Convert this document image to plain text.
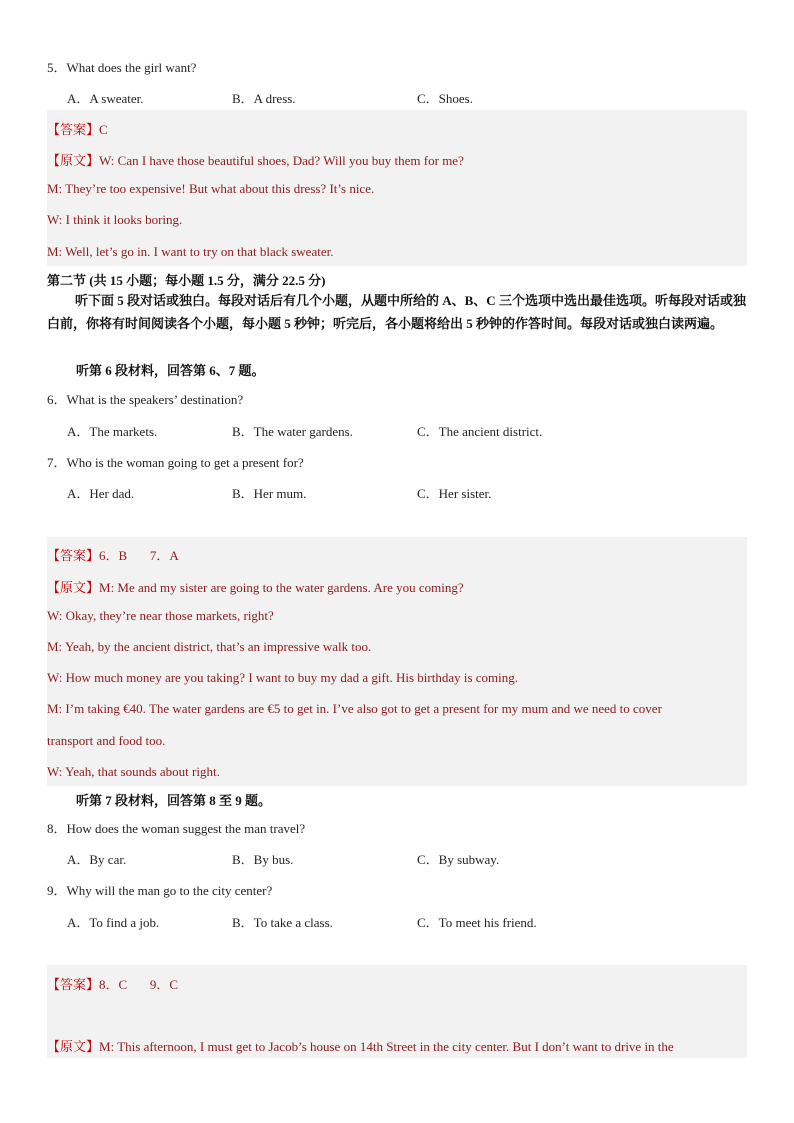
5．What does the girl want?
A．A sweater.	B．A dress.	C．Shoes.
【答案】C
【原文】W: Can I have those beautiful shoes, Dad? Will you buy them for me?
M: They’re too expensive! But what about this dress? It’s nice.
W: I think it looks boring.
M: Well, let’s go in. I want to try on that black sweater.
第二节 (共 15 小题；每小题 1.5 分，满分 22.5 分)
听下面 5 段对话或独白。每段对话后有几个小题，从题中所给的 A、B、C 三个选项中选出最佳选项。听每段对话或独白前，你将有时间阅读各个小题，每小题 5 秒钟；听完后，各小题将给出 5 秒钟的作答时间。每段对话或独白读两遍。
听第 6 段材料，回答第 6、7 题。
6．What is the speakers’ destination?
A．The markets.	B．The water gardens.	C．The ancient district.
7．Who is the woman going to get a present for?
A．Her dad.	B．Her mum.	C．Her sister.
【答案】6．B       7．A
【原文】M: Me and my sister are going to the water gardens. Are you coming?
W: Okay, they’re near those markets, right?
M: Yeah, by the ancient district, that’s an impressive walk too.
W: How much money are you taking? I want to buy my dad a gift. His birthday is coming.
M: I’m taking €40. The water gardens are €5 to get in. I’ve also got to get a present for my mum and we need to cover
transport and food too.
W: Yeah, that sounds about right.
听第 7 段材料，回答第 8 至 9 题。
8．How does the woman suggest the man travel?
A．By car.	B．By bus.	C．By subway.
9．Why will the man go to the city center?
A．To find a job.	B．To take a class.	C．To meet his friend.
【答案】8．C       9．C
【原文】M: This afternoon, I must get to Jacob’s house on 14th Street in the city center. But I don’t want to drive in the
